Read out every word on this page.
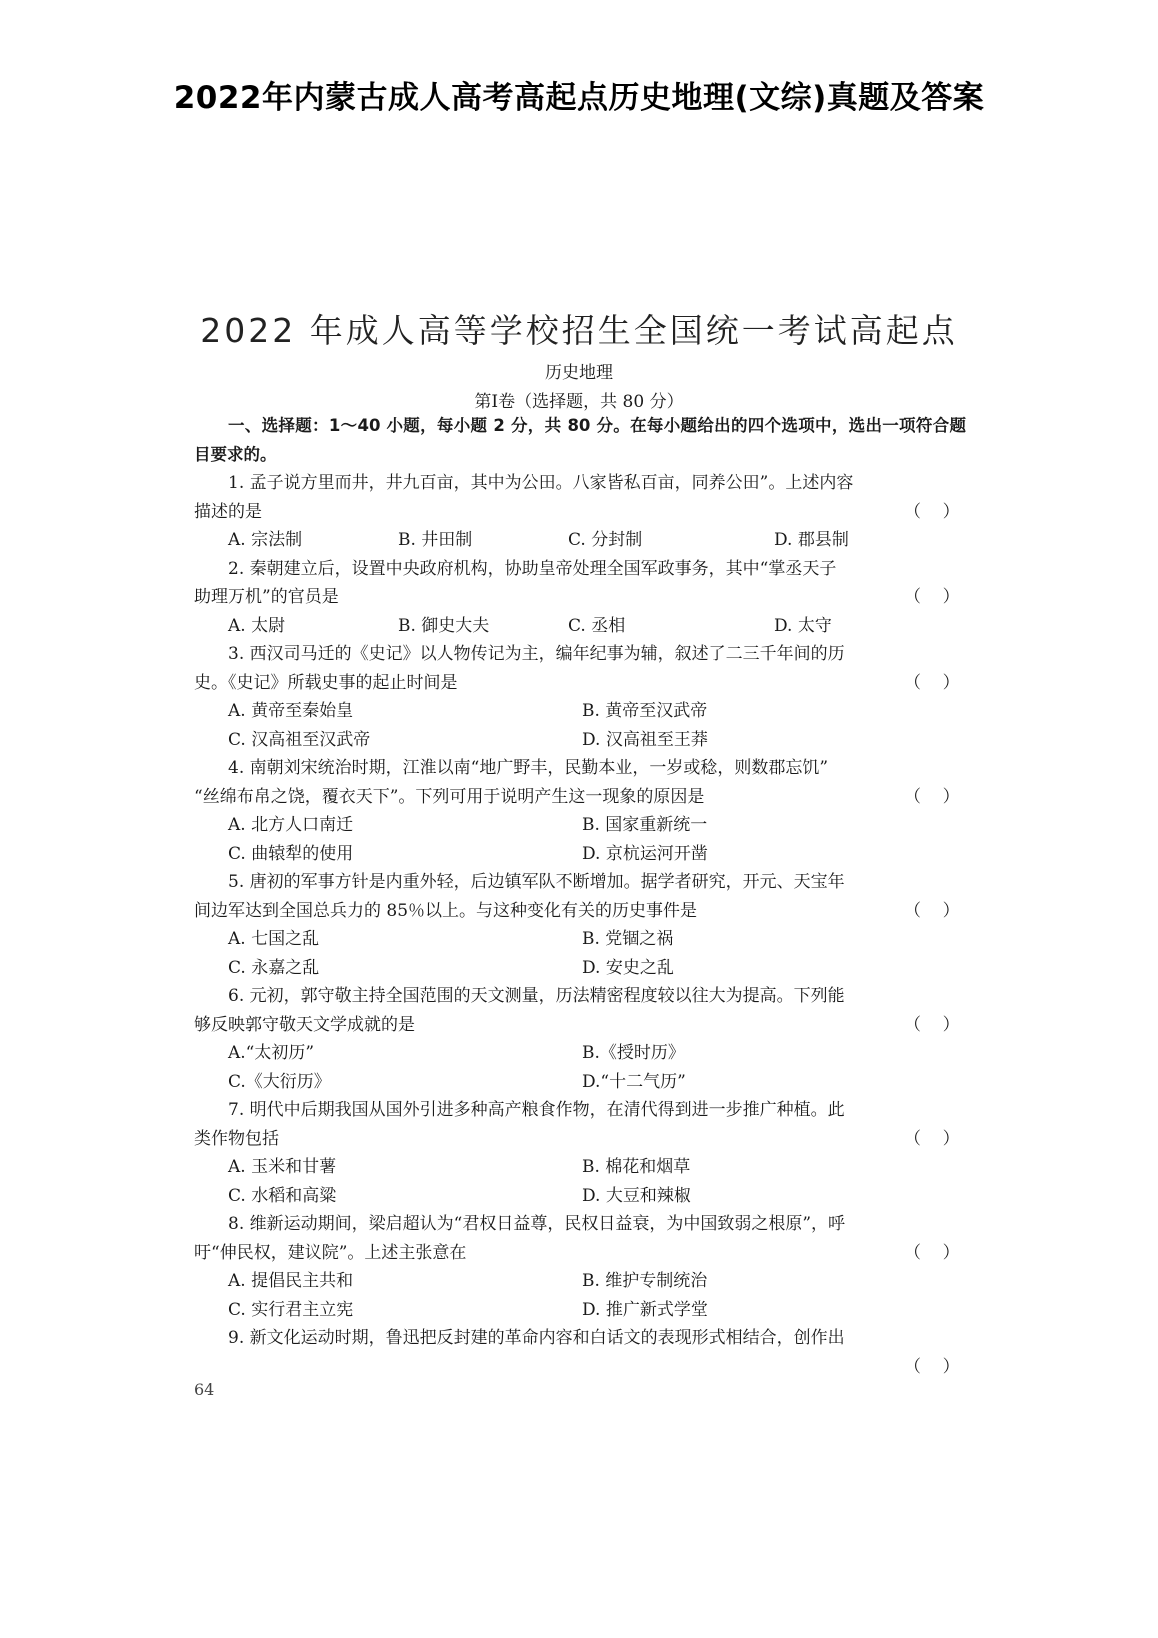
2022年内蒙古成人高考高起点历史地理(文综)真题及答案
2022 年成人高等学校招生全国统一考试高起点
历史地理
第Ⅰ卷（选择题，共 80 分）
一、选择题：1～40 小题，每小题 2 分，共 80 分。在每小题给出的四个选项中，选出一项符合题目要求的。
1. 孟子说方里而井，井九百亩，其中为公田。八家皆私百亩，同养公田”。上述内容
描述的是	（    ）
A. 宗法制	B. 井田制	C. 分封制	D. 郡县制
2. 秦朝建立后，设置中央政府机构，协助皇帝处理全国军政事务，其中“掌丞天子
助理万机”的官员是	（    ）
A. 太尉	B. 御史大夫	C. 丞相	D. 太守
3. 西汉司马迁的《史记》以人物传记为主，编年纪事为辅，叙述了二三千年间的历
史。《史记》所载史事的起止时间是	（    ）
A. 黄帝至秦始皇	B. 黄帝至汉武帝
C. 汉高祖至汉武帝	D. 汉高祖至王莽
4. 南朝刘宋统治时期，江淮以南“地广野丰，民勤本业，一岁或稔，则数郡忘饥”
“丝绵布帛之饶，覆衣天下”。下列可用于说明产生这一现象的原因是	（    ）
A. 北方人口南迁	B. 国家重新统一
C. 曲辕犁的使用	D. 京杭运河开凿
5. 唐初的军事方针是内重外轻，后边镇军队不断增加。据学者研究，开元、天宝年
间边军达到全国总兵力的 85％以上。与这种变化有关的历史事件是	（    ）
A. 七国之乱	B. 党锢之祸
C. 永嘉之乱	D. 安史之乱
6. 元初，郭守敬主持全国范围的天文测量，历法精密程度较以往大为提高。下列能
够反映郭守敬天文学成就的是	（    ）
A.“太初历”	B.《授时历》
C.《大衍历》	D.“十二气历”
7. 明代中后期我国从国外引进多种高产粮食作物，在清代得到进一步推广种植。此
类作物包括	（    ）
A. 玉米和甘薯	B. 棉花和烟草
C. 水稻和高粱	D. 大豆和辣椒
8. 维新运动期间，梁启超认为“君权日益尊，民权日益衰，为中国致弱之根原”，呼
吁“伸民权，建议院”。上述主张意在	（    ）
A. 提倡民主共和	B. 维护专制统治
C. 实行君主立宪	D. 推广新式学堂
9. 新文化运动时期，鲁迅把反封建的革命内容和白话文的表现形式相结合，创作出
（    ）
64
